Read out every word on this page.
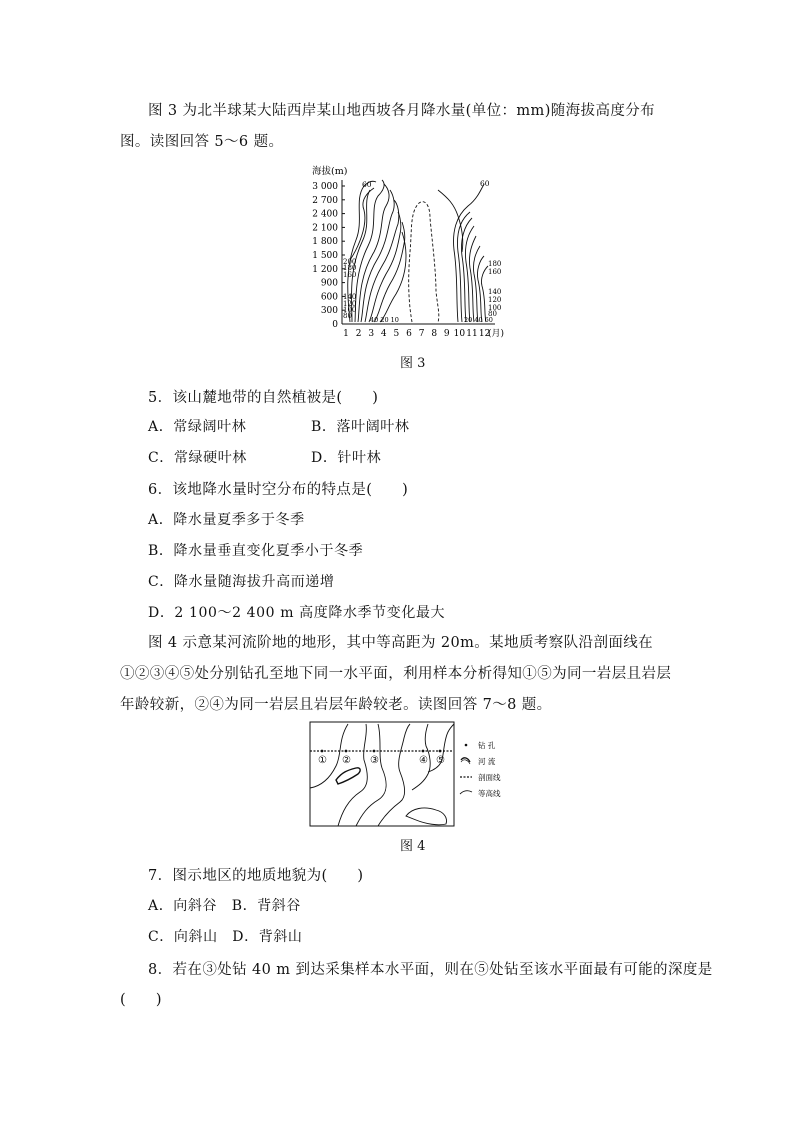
图 3 为北半球某大陆西岸某山地西坡各月降水量(单位：mm)随海拔高度分布图。读图回答 5～6 题。
海拔(m)
3 000
2 700
2 400
2 100
1 800
1 500
1 200
900
600
300
0
1 2 3 4 5 6 7 8 9 10 11 12
(月)
60	60
200
180
160
140
120
100
80
180
160
140
120
100
80
40 20 10	20 40 60
图 3
5．该山麓地带的自然植被是(　　)
A．常绿阔叶林	B．落叶阔叶林
C．常绿硬叶林	D．针叶林
6．该地降水量时空分布的特点是(　　)
A．降水量夏季多于冬季
B．降水量垂直变化夏季小于冬季
C．降水量随海拔升高而递增
D．2 100～2 400 m 高度降水季节变化最大
图 4 示意某河流阶地的地形，其中等高距为 20m。某地质考察队沿剖面线在①②③④⑤处分别钻孔至地下同一水平面，利用样本分析得知①⑤为同一岩层且岩层年龄较新，②④为同一岩层且岩层年龄较老。读图回答 7～8 题。
① ② ③	④ ⑤
钻 孔
河 流
剖面线
等高线
图 4
7．图示地区的地质地貌为(　　)
A．向斜谷　B．背斜谷
C．向斜山　D．背斜山
8．若在③处钻 40 m 到达采集样本水平面，则在⑤处钻至该水平面最有可能的深度是
(　　)
